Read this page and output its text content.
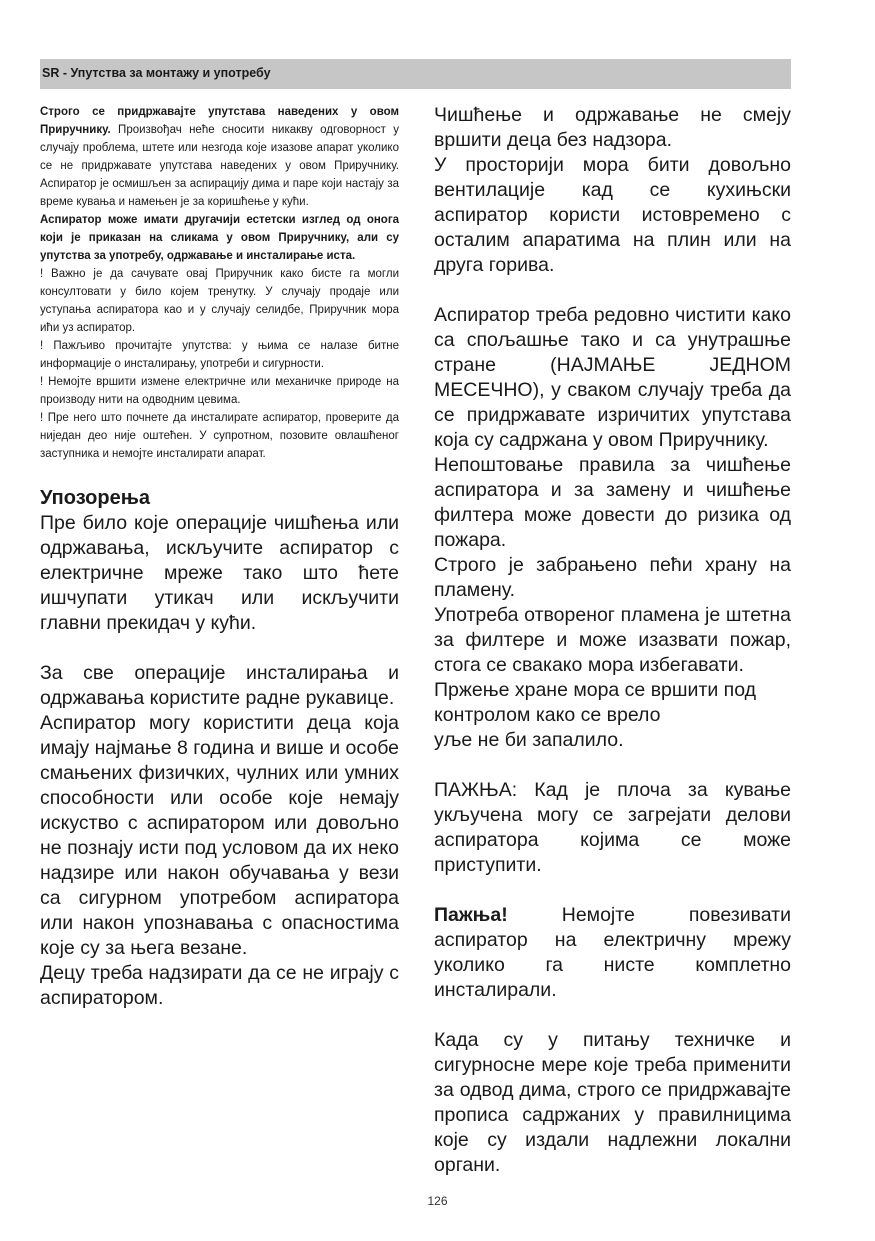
SR - Упутства за монтажу и употребу

Строго се придржавајте упутстава наведених у овом Приручнику. Произвођач неће сносити никакву одговорност у случају проблема, штете или незгода које изазове апарат уколико се не придржавате упутстава наведених у овом Приручнику. Аспиратор је осмишљен за аспирацију дима и паре који настају за време кувања и намењен је за коришћење у кући.

Аспиратор може имати другачији естетски изглед од онога који је приказан на сликама у овом Приручнику, али су упутства за употребу, одржавање и инсталирање иста.

! Важно је да сачувате овај Приручник како бисте га могли консултовати у било којем тренутку. У случају продаје или уступања аспиратора као и у случају селидбе, Приручник мора ићи уз аспиратор.

! Пажљиво прочитајте упутства: у њима се налазе битне информације о инсталирању, употреби и сигурности.

! Немојте вршити измене електричне или механичке природе на производу нити на одводним цевима.

! Пре него што почнете да инсталирате аспиратор, проверите да ниједан део није оштећен. У супротном, позовите овлашћеног заступника и немојте инсталирати апарат.

Упозорења

Пре било које операције чишћења или одржавања, искључите аспиратор с електричне мреже тако што ћете ишчупати утикач или искључити главни прекидач у кући.

За све операције инсталирања и одржавања користите радне рукавице.

Аспиратор могу користити деца која имају најмање 8 година и више и особе смањених физичких, чулних или умних способности или особе које немају искуство с аспиратором или довољно не познају исти под условом да их неко надзире или након обучавања у вези са сигурном употребом аспиратора или након упознавања с опасностима које су за њега везане.

Децу треба надзирати да се не играју с аспиратором.

Чишћење и одржавање не смеју вршити деца без надзора.

У просторији мора бити довољно вентилације кад се кухињски аспиратор користи истовремено с осталим апаратима на плин или на друга горива.

Аспиратор треба редовно чистити како са спољашње тако и са унутрашње стране (НАЈМАЊЕ ЈЕДНОМ МЕСЕЧНО), у сваком случају треба да се придржавате изричитих упутстава која су садржана у овом Приручнику.

Непоштовање правила за чишћење аспиратора и за замену и чишћење филтера може довести до ризика од пожара.

Строго је забрањено пећи храну на пламену.

Употреба отвореног пламена је штетна за филтере и може изазвати пожар, стога се свакако мора избегавати.

Пржење хране мора се вршити под контролом како се врело

уље не би запалило.

ПАЖЊА: Кад је плоча за кување укључена могу се загрејати делови аспиратора којима се може приступити.

Пажња!	Немојте повезивати аспиратор на електричну мрежу уколико га нисте комплетно инсталирали.

Када су у питању техничке и сигурносне мере које треба применити за одвод дима, строго се придржавајте прописа садржаних у правилницима које су издали надлежни локални органи.

126
